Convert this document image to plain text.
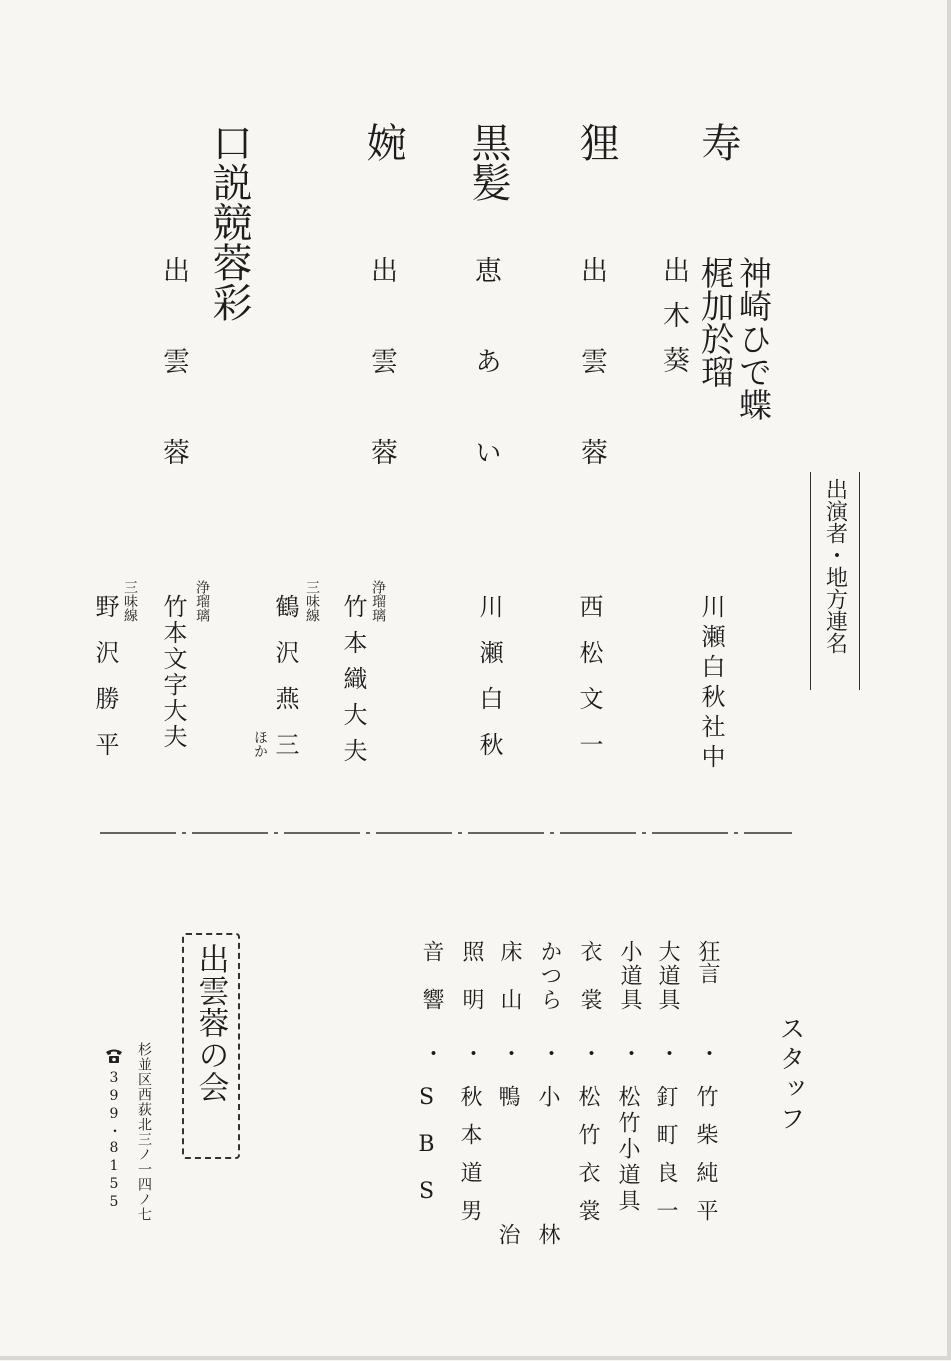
出演者・地方連名
寿
神崎ひで蝶
梶加於瑠
出木葵
川瀬白秋社中
狸
出雲蓉
西松文一
黒髪
恵あい
川瀬白秋
婉
出雲蓉
浄瑠璃
竹本織大夫
三味線
鶴沢燕三
ほか
口説競蓉彩
出雲蓉
浄瑠璃
竹本文字大夫
三味線
野沢勝平
スタッフ
狂言
・
竹柴純平
大道具
・
釘町良一
小道具
・
松竹小道具
衣裳
・
松竹衣裳
かつら
・
小林
床山
・
鴨治
照明
・
秋本道男
音響
・
SBS
出雲蓉の会
杉並区西荻北三ノ一四ノ七
399・8155
